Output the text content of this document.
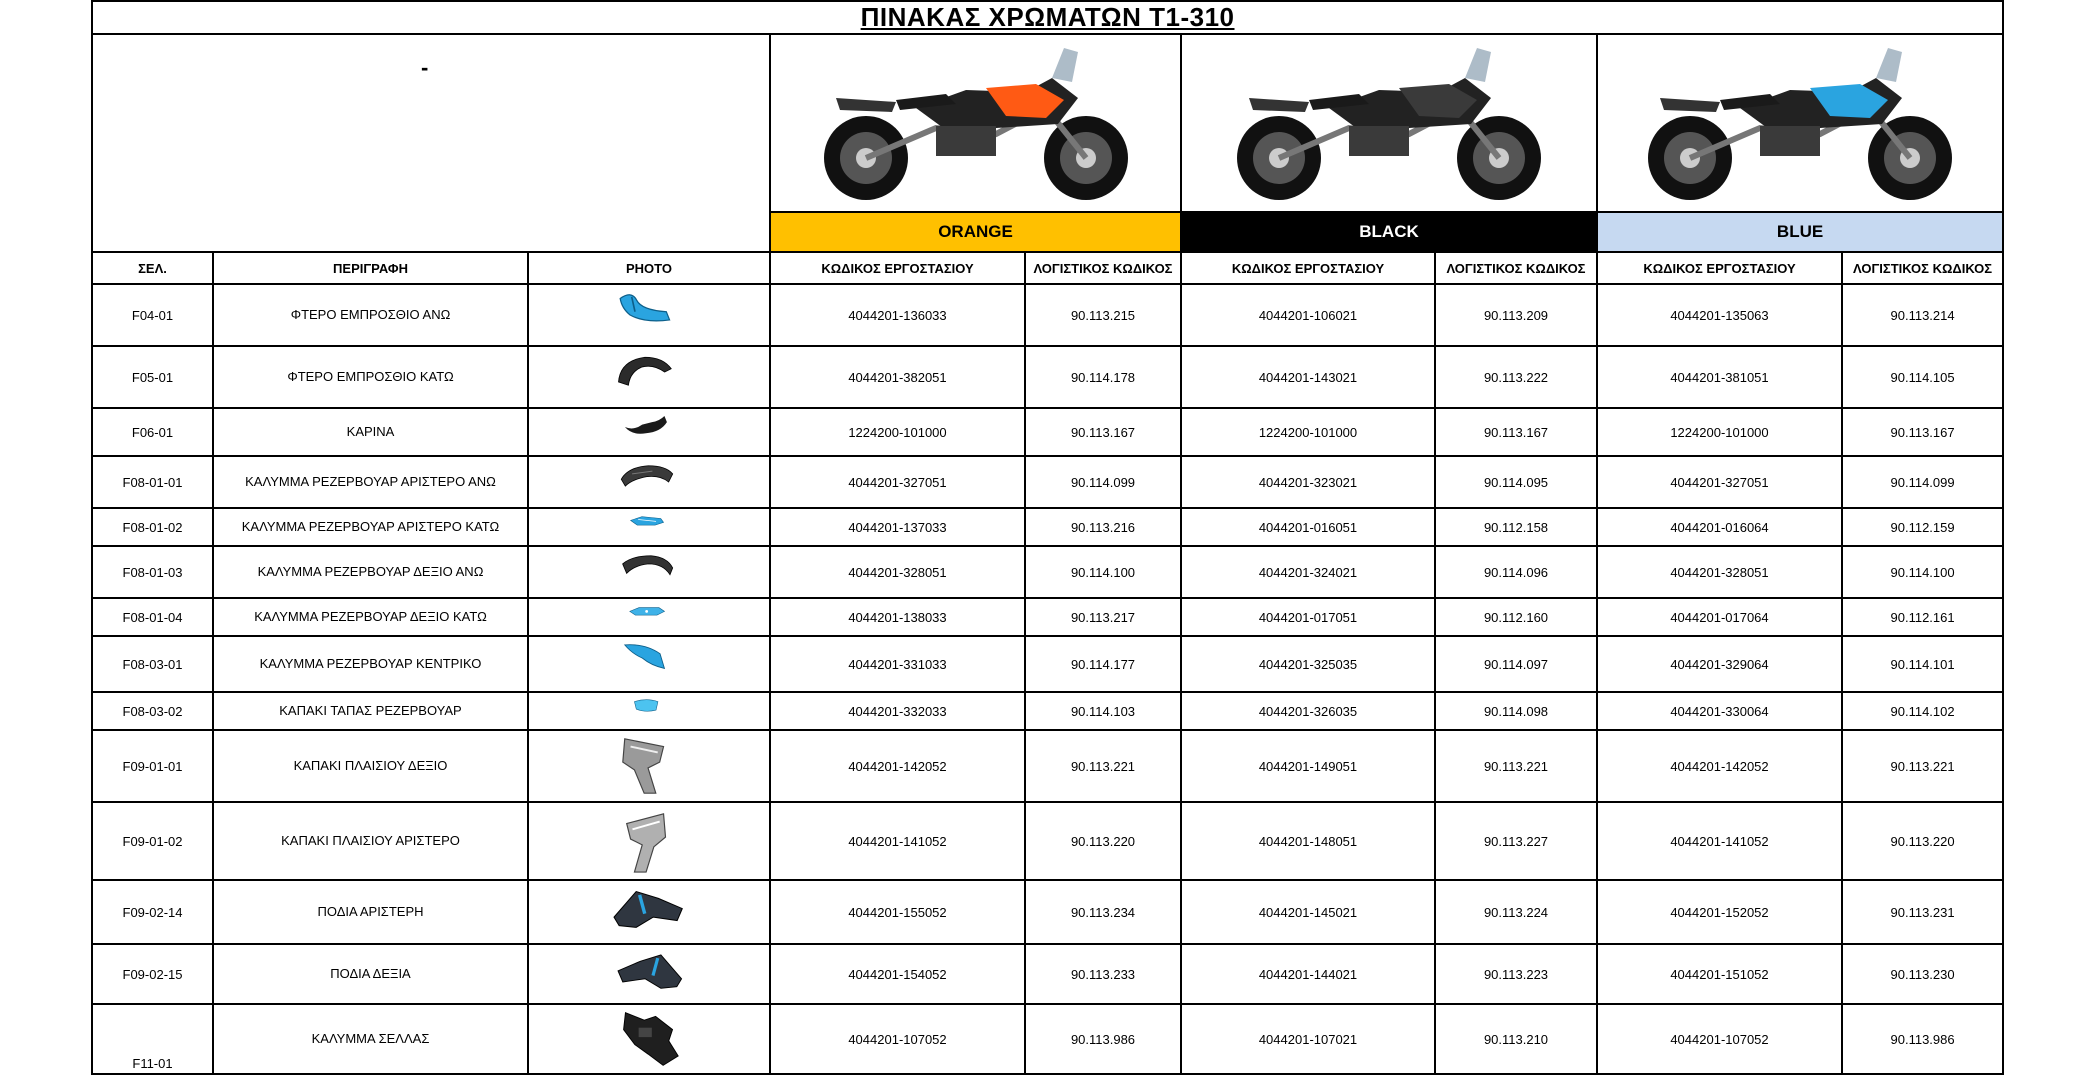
ΠΙΝΑΚΑΣ ΧΡΩΜΑΤΩΝ T1-310								

-

			ORANGE		BLACK		BLUE	
ΣΕΛ.	ΠΕΡΙΓΡΑΦΗ	PHOTO	ΚΩΔΙΚΟΣ ΕΡΓΟΣΤΑΣΙΟΥ	ΛΟΓΙΣΤΙΚΟΣ ΚΩΔΙΚΟΣ	ΚΩΔΙΚΟΣ ΕΡΓΟΣΤΑΣΙΟΥ	ΛΟΓΙΣΤΙΚΟΣ ΚΩΔΙΚΟΣ	ΚΩΔΙΚΟΣ ΕΡΓΟΣΤΑΣΙΟΥ	ΛΟΓΙΣΤΙΚΟΣ ΚΩΔΙΚΟΣ
F04-01	ΦΤΕΡΟ ΕΜΠΡΟΣΘΙΟ ΑΝΩ		4044201-136033	90.113.215	4044201-106021	90.113.209	4044201-135063	90.113.214
F05-01	ΦΤΕΡΟ ΕΜΠΡΟΣΘΙΟ ΚΑΤΩ		4044201-382051	90.114.178	4044201-143021	90.113.222	4044201-381051	90.114.105
F06-01	ΚΑΡΙΝΑ		1224200-101000	90.113.167	1224200-101000	90.113.167	1224200-101000	90.113.167
F08-01-01	ΚΑΛΥΜΜΑ ΡΕΖΕΡΒΟΥΑΡ ΑΡΙΣΤΕΡΟ ΑΝΩ		4044201-327051	90.114.099	4044201-323021	90.114.095	4044201-327051	90.114.099
F08-01-02	ΚΑΛΥΜΜΑ ΡΕΖΕΡΒΟΥΑΡ ΑΡΙΣΤΕΡΟ ΚΑΤΩ		4044201-137033	90.113.216	4044201-016051	90.112.158	4044201-016064	90.112.159
F08-01-03	ΚΑΛΥΜΜΑ ΡΕΖΕΡΒΟΥΑΡ ΔΕΞΙΟ ΑΝΩ		4044201-328051	90.114.100	4044201-324021	90.114.096	4044201-328051	90.114.100
F08-01-04	ΚΑΛΥΜΜΑ ΡΕΖΕΡΒΟΥΑΡ ΔΕΞΙΟ ΚΑΤΩ		4044201-138033	90.113.217	4044201-017051	90.112.160	4044201-017064	90.112.161
F08-03-01	ΚΑΛΥΜΜΑ ΡΕΖΕΡΒΟΥΑΡ ΚΕΝΤΡΙΚΟ		4044201-331033	90.114.177	4044201-325035	90.114.097	4044201-329064	90.114.101
F08-03-02	ΚΑΠΑΚΙ ΤΑΠΑΣ ΡΕΖΕΡΒΟΥΑΡ		4044201-332033	90.114.103	4044201-326035	90.114.098	4044201-330064	90.114.102
F09-01-01	ΚΑΠΑΚΙ ΠΛΑΙΣΙΟΥ ΔΕΞΙΟ		4044201-142052	90.113.221	4044201-149051	90.113.221	4044201-142052	90.113.221
F09-01-02	ΚΑΠΑΚΙ ΠΛΑΙΣΙΟΥ ΑΡΙΣΤΕΡΟ		4044201-141052	90.113.220	4044201-148051	90.113.227	4044201-141052	90.113.220
F09-02-14	ΠΟΔΙΑ ΑΡΙΣΤΕΡΗ		4044201-155052	90.113.234	4044201-145021	90.113.224	4044201-152052	90.113.231
F09-02-15	ΠΟΔΙΑ ΔΕΞΙΑ		4044201-154052	90.113.233	4044201-144021	90.113.223	4044201-151052	90.113.230
F11-01	ΚΑΛΥΜΜΑ ΣΕΛΛΑΣ		4044201-107052	90.113.986	4044201-107021	90.113.210	4044201-107052	90.113.986
